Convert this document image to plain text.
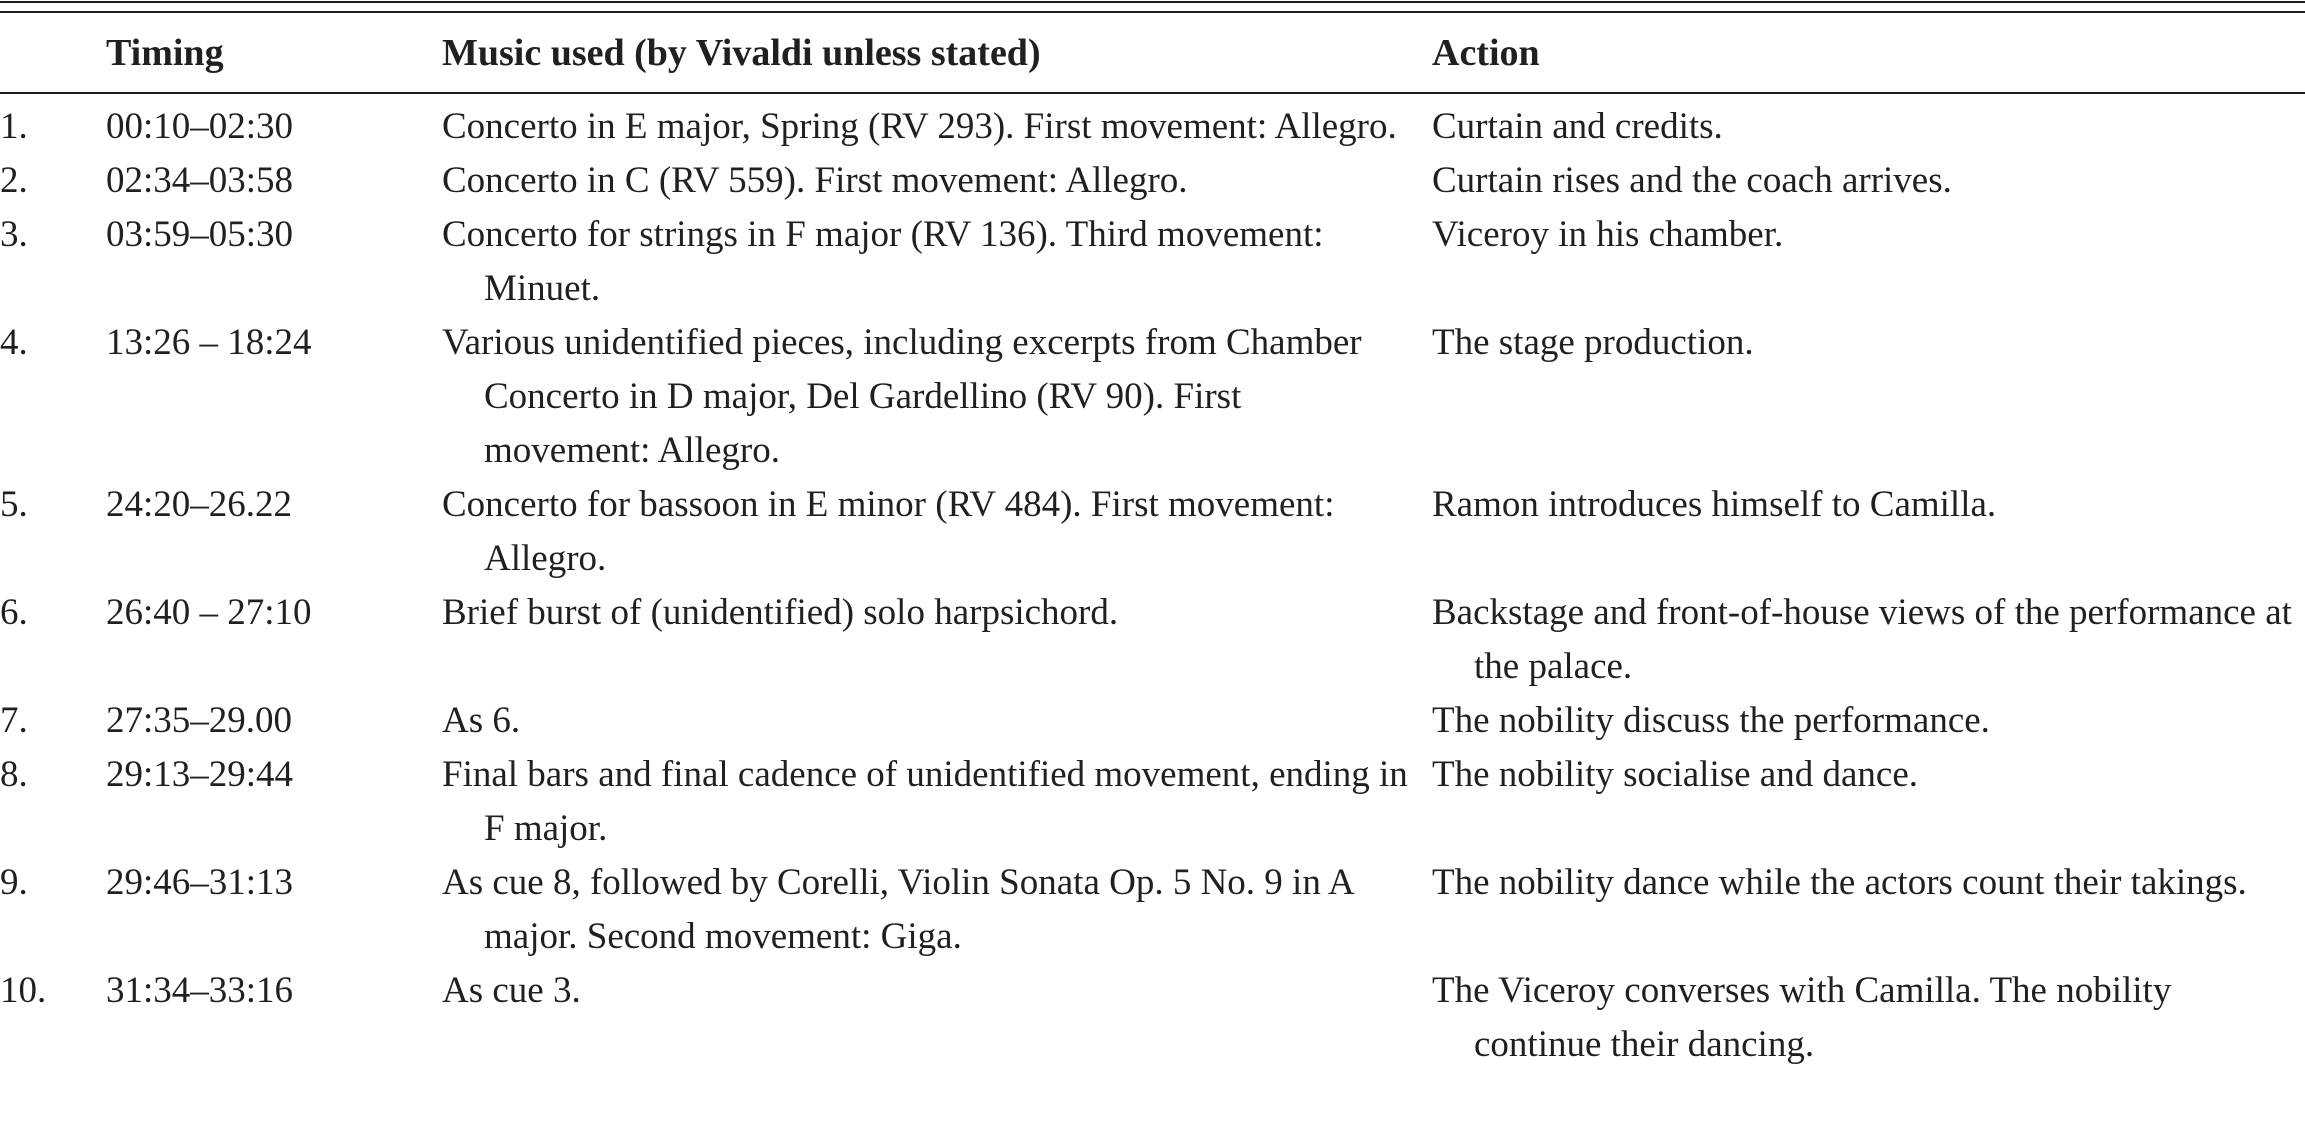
	Timing	Music used (by Vivaldi unless stated)	Action
1.	00:10–02:30	Concerto in E major, Spring (RV 293). First movement: Allegro.	Curtain and credits.
2.	02:34–03:58	Concerto in C (RV 559). First movement: Allegro.	Curtain rises and the coach arrives.
3.	03:59–05:30	Concerto for strings in F major (RV 136). Third movement: Minuet.	Viceroy in his chamber.
4.	13:26 – 18:24	Various unidentified pieces, including excerpts from Chamber Concerto in D major, Del Gardellino (RV 90). First movement: Allegro.	The stage production.
5.	24:20–26.22	Concerto for bassoon in E minor (RV 484). First movement: Allegro.	Ramon introduces himself to Camilla.
6.	26:40 – 27:10	Brief burst of (unidentified) solo harpsichord.	Backstage and front-of-house views of the performance at the palace.
7.	27:35–29.00	As 6.	The nobility discuss the performance.
8.	29:13–29:44	Final bars and final cadence of unidentified movement, ending in F major.	The nobility socialise and dance.
9.	29:46–31:13	As cue 8, followed by Corelli, Violin Sonata Op. 5 No. 9 in A major. Second movement: Giga.	The nobility dance while the actors count their takings.
10.	31:34–33:16	As cue 3.	The Viceroy converses with Camilla. The nobility continue their dancing.
